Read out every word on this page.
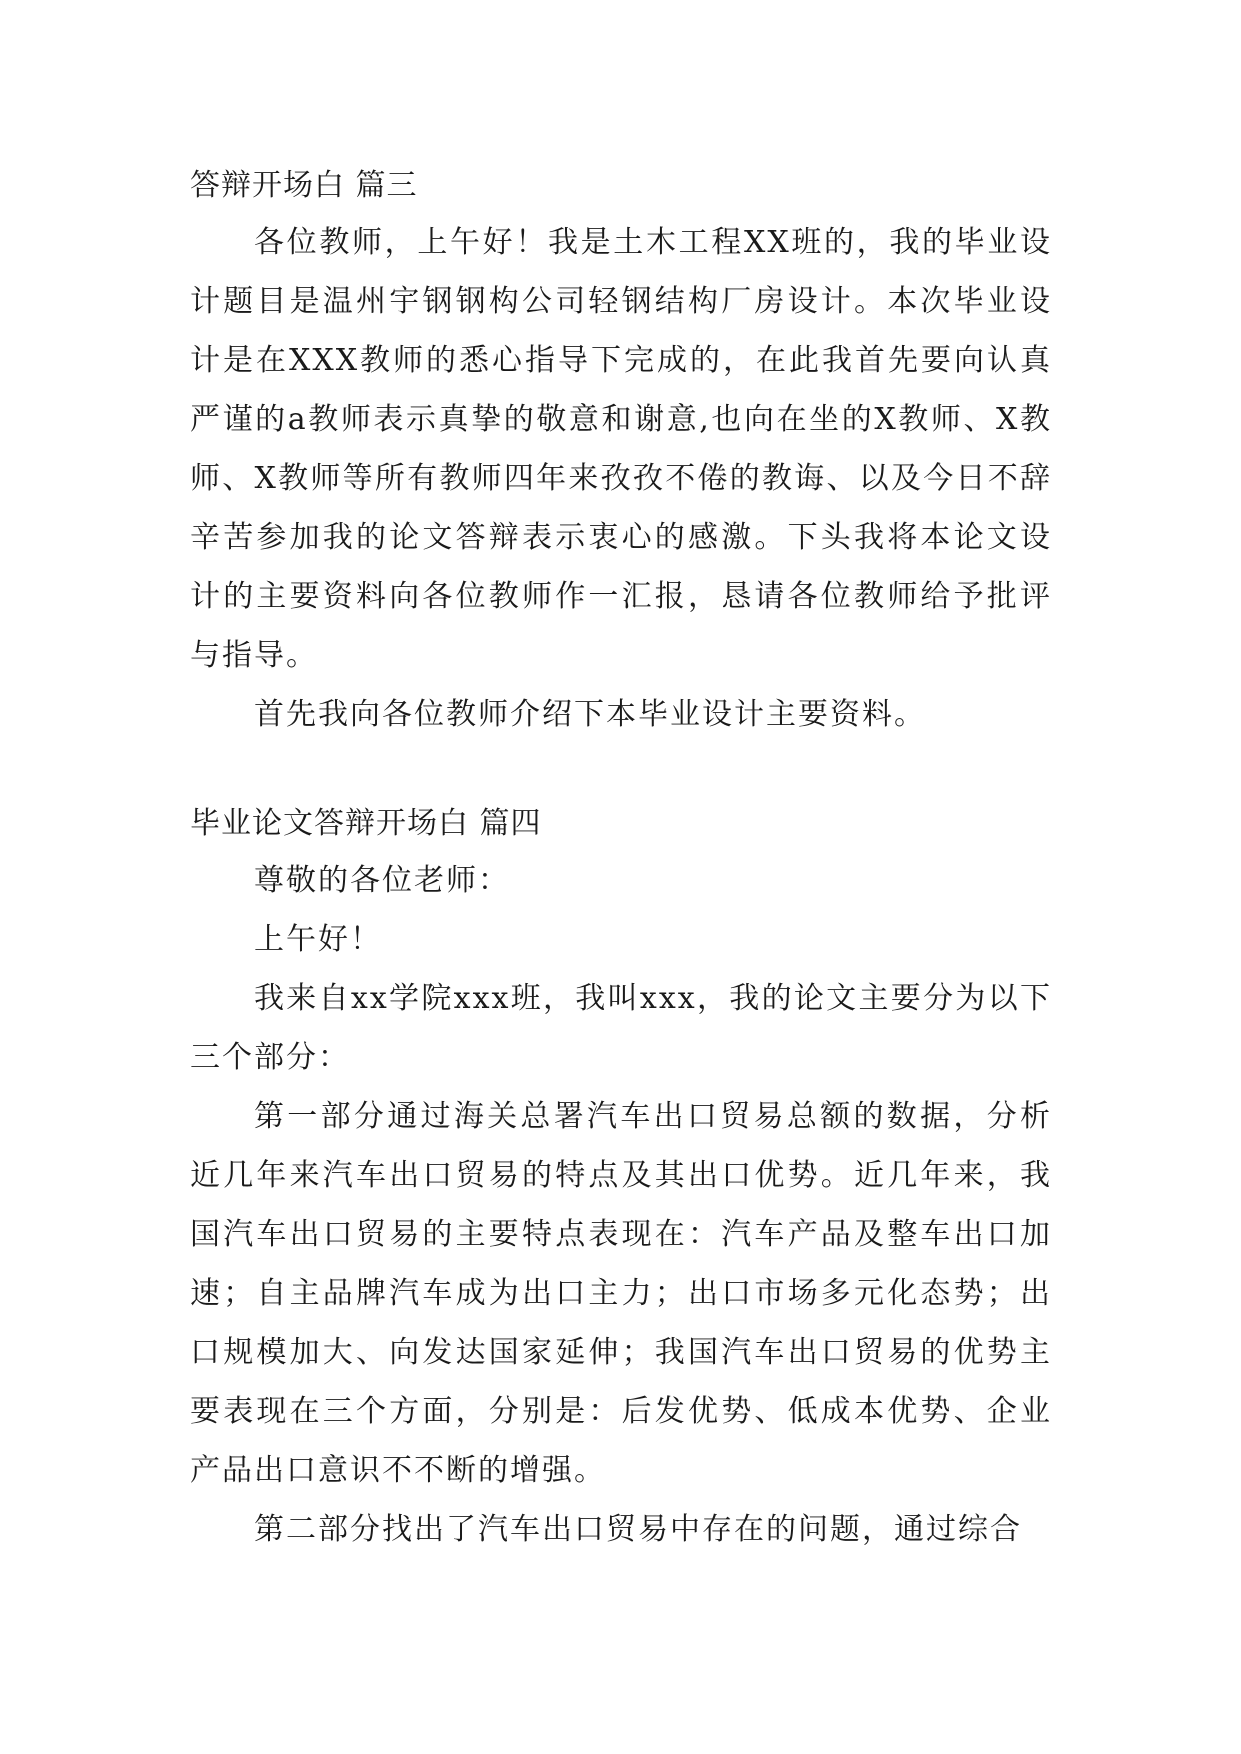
答辩开场白 篇三

各位教师，上午好！我是土木工程XX班的，我的毕业设计题目是温州宇钢钢构公司轻钢结构厂房设计。本次毕业设计是在XXX教师的悉心指导下完成的，在此我首先要向认真严谨的a教师表示真挚的敬意和谢意,也向在坐的X教师、X教师、X教师等所有教师四年来孜孜不倦的教诲、以及今日不辞辛苦参加我的论文答辩表示衷心的感激。下头我将本论文设计的主要资料向各位教师作一汇报，恳请各位教师给予批评与指导。

首先我向各位教师介绍下本毕业设计主要资料。

毕业论文答辩开场白 篇四

尊敬的各位老师：

上午好！

我来自xx学院xxx班，我叫xxx，我的论文主要分为以下三个部分：

第一部分通过海关总署汽车出口贸易总额的数据，分析近几年来汽车出口贸易的特点及其出口优势。近几年来，我国汽车出口贸易的主要特点表现在：汽车产品及整车出口加速；自主品牌汽车成为出口主力；出口市场多元化态势；出口规模加大、向发达国家延伸；我国汽车出口贸易的优势主要表现在三个方面，分别是：后发优势、低成本优势、企业产品出口意识不不断的增强。

第二部分找出了汽车出口贸易中存在的问题，通过综合
